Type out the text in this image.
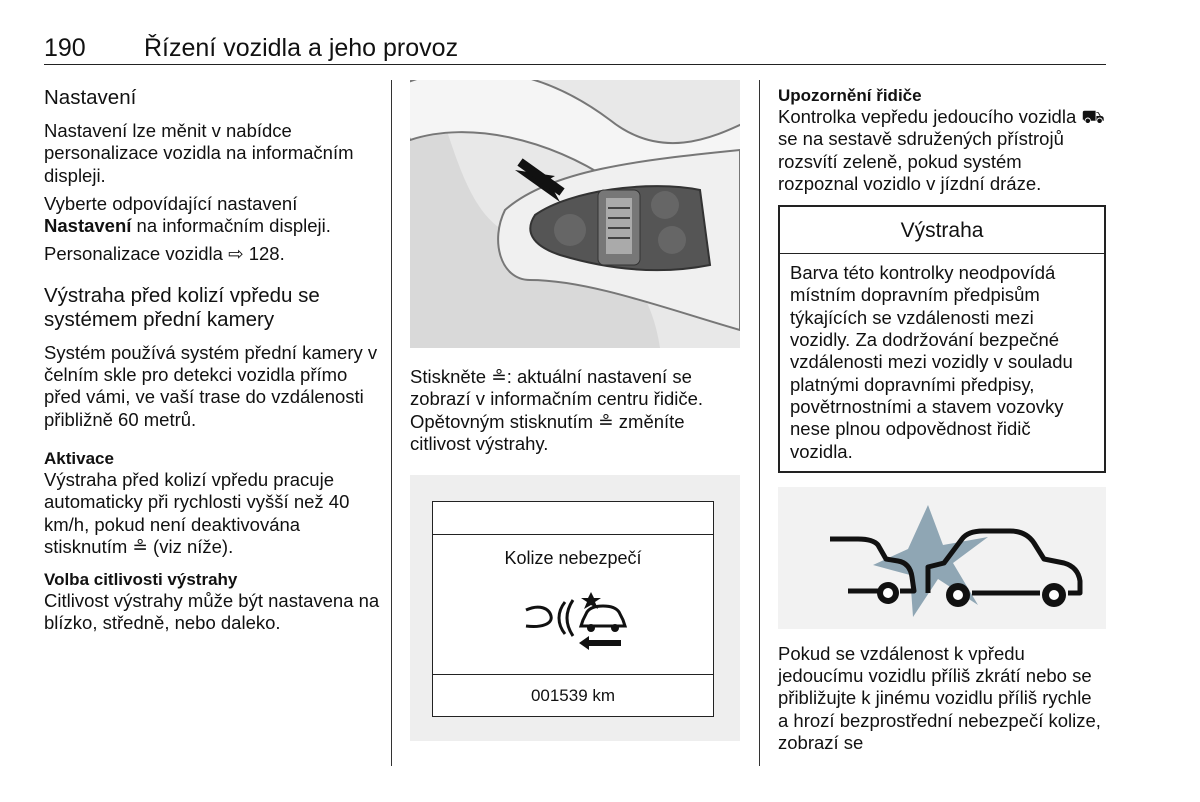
190 Řízení vozidla a jeho provoz
Nastavení

Nastavení lze měnit v nabídce personalizace vozidla na informačním displeji.

Vyberte odpovídající nastavení Nastavení na informačním displeji.

Personalizace vozidla ⇨ 128.

Výstraha před kolizí vpředu se systémem přední kamery

Systém používá systém přední kamery v čelním skle pro detekci vozidla přímo před vámi, ve vaší trase do vzdálenosti přibližně 60 metrů.

Aktivace

Výstraha před kolizí vpředu pracuje automaticky při rychlosti vyšší než 40 km/h, pokud není deaktivována stisknutím ≗ (viz níže).

Volba citlivosti výstrahy

Citlivost výstrahy může být nastavena na blízko, středně, nebo daleko.

Stiskněte ≗: aktuální nastavení se zobrazí v informačním centru řidiče. Opětovným stisknutím ≗ změníte citlivost výstrahy.

Kolize nebezpečí
001539 km
Upozornění řidiče

Kontrolka vepředu jedoucího vozidla ⛟ se na sestavě sdružených přístrojů rozsvítí zeleně, pokud systém rozpoznal vozidlo v jízdní dráze.

Výstraha
Barva této kontrolky neodpovídá místním dopravním předpisům týkajících se vzdálenosti mezi vozidly. Za dodržování bezpečné vzdálenosti mezi vozidly v souladu platnými dopravními předpisy, povětrnostními a stavem vozovky nese plnou odpovědnost řidič vozidla.

Pokud se vzdálenost k vpředu jedoucímu vozidlu příliš zkrátí nebo se přibližujte k jinému vozidlu příliš rychle a hrozí bezprostřední nebezpečí kolize, zobrazí se
